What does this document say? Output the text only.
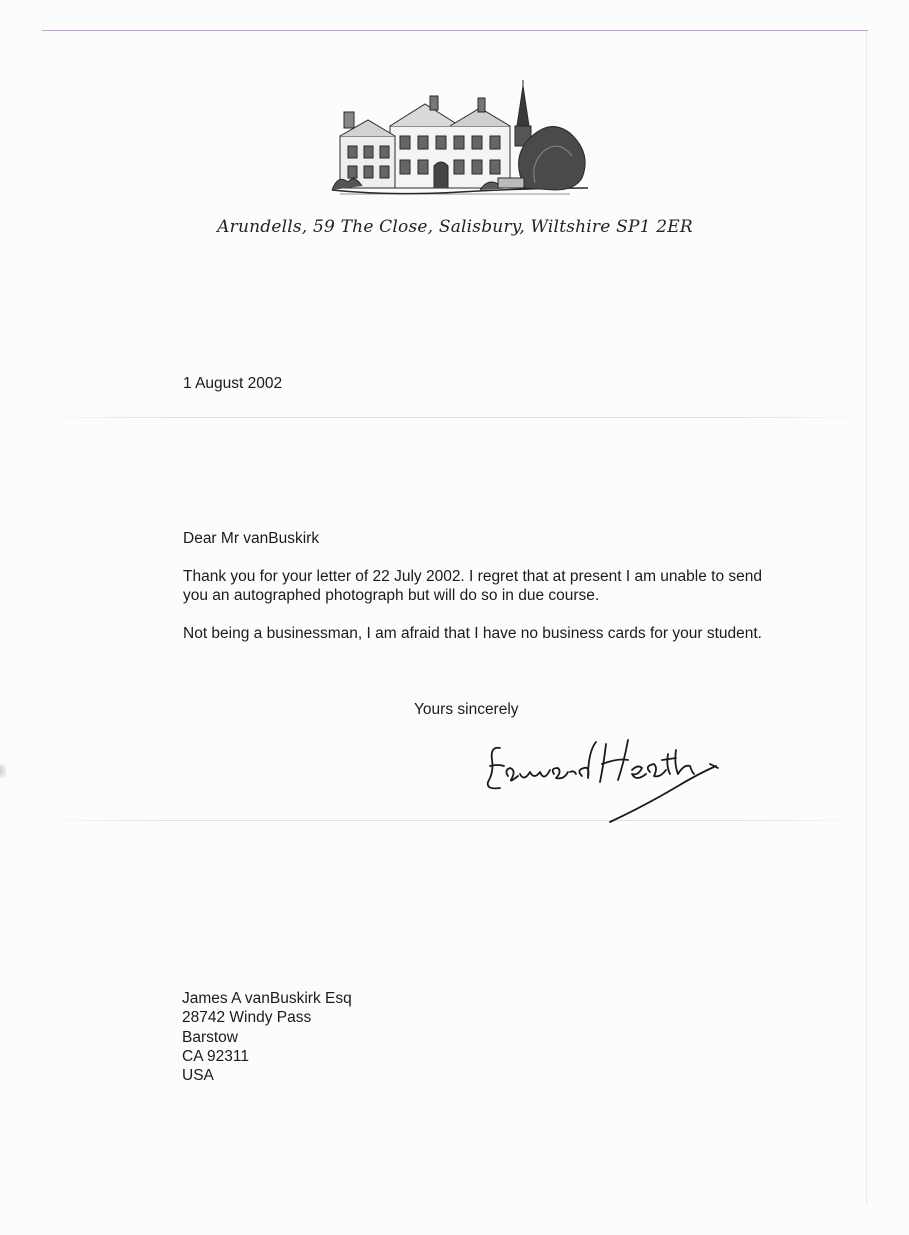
Arundells, 59 The Close, Salisbury, Wiltshire SP1 2ER
1 August 2002
Dear Mr vanBuskirk
Thank you for your letter of 22 July 2002. I regret that at present I am unable to send you an autographed photograph but will do so in due course.
Not being a businessman, I am afraid that I have no business cards for your student.
Yours sincerely
James A vanBuskirk Esq
28742 Windy Pass
Barstow
CA 92311
USA
